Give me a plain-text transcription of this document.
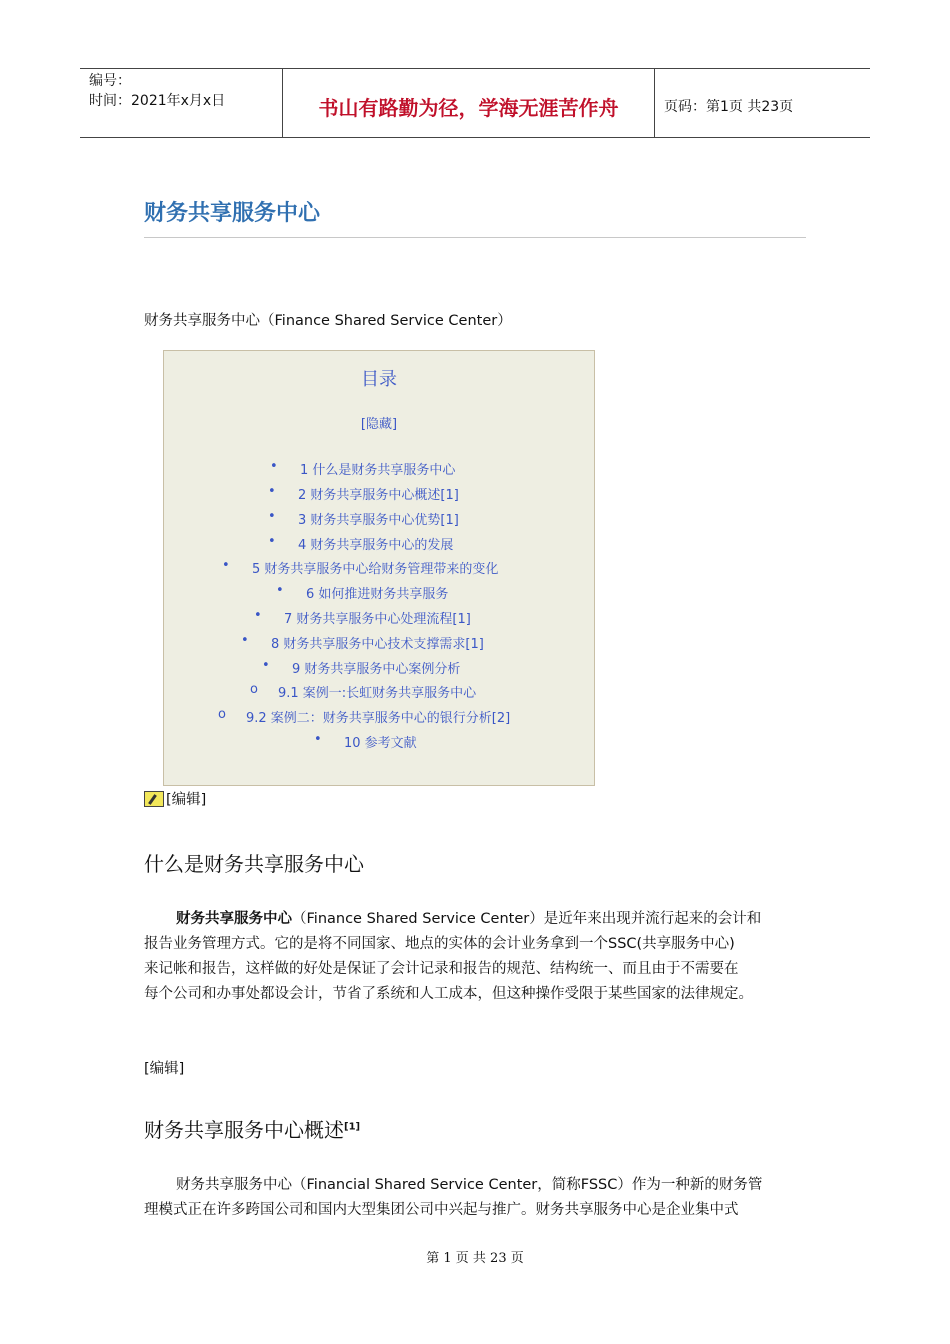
编号：
时间：2021年x月x日	书山有路勤为径，学海无涯苦作舟	页码：第1页 共23页
财务共享服务中心
财务共享服务中心（Finance Shared Service Center）
目录
[隐藏]
• 1 什么是财务共享服务中心
• 2 财务共享服务中心概述[1]
• 3 财务共享服务中心优势[1]
• 4 财务共享服务中心的发展
• 5 财务共享服务中心给财务管理带来的变化
• 6 如何推进财务共享服务
• 7 财务共享服务中心处理流程[1]
• 8 财务共享服务中心技术支撑需求[1]
• 9 财务共享服务中心案例分析
o 9.1 案例一:长虹财务共享服务中心
o 9.2 案例二：财务共享服务中心的银行分析[2]
• 10 参考文献
[编辑]
什么是财务共享服务中心
财务共享服务中心（Finance Shared Service Center）是近年来出现并流行起来的会计和
报告业务管理方式。它的是将不同国家、地点的实体的会计业务拿到一个SSC(共享服务中心)
来记帐和报告，这样做的好处是保证了会计记录和报告的规范、结构统一、而且由于不需要在
每个公司和办事处都设会计，节省了系统和人工成本，但这种操作受限于某些国家的法律规定。
[编辑]
财务共享服务中心概述[1]
财务共享服务中心（Financial Shared Service Center，简称FSSC）作为一种新的财务管
理模式正在许多跨国公司和国内大型集团公司中兴起与推广。财务共享服务中心是企业集中式
第 1 页 共 23 页
